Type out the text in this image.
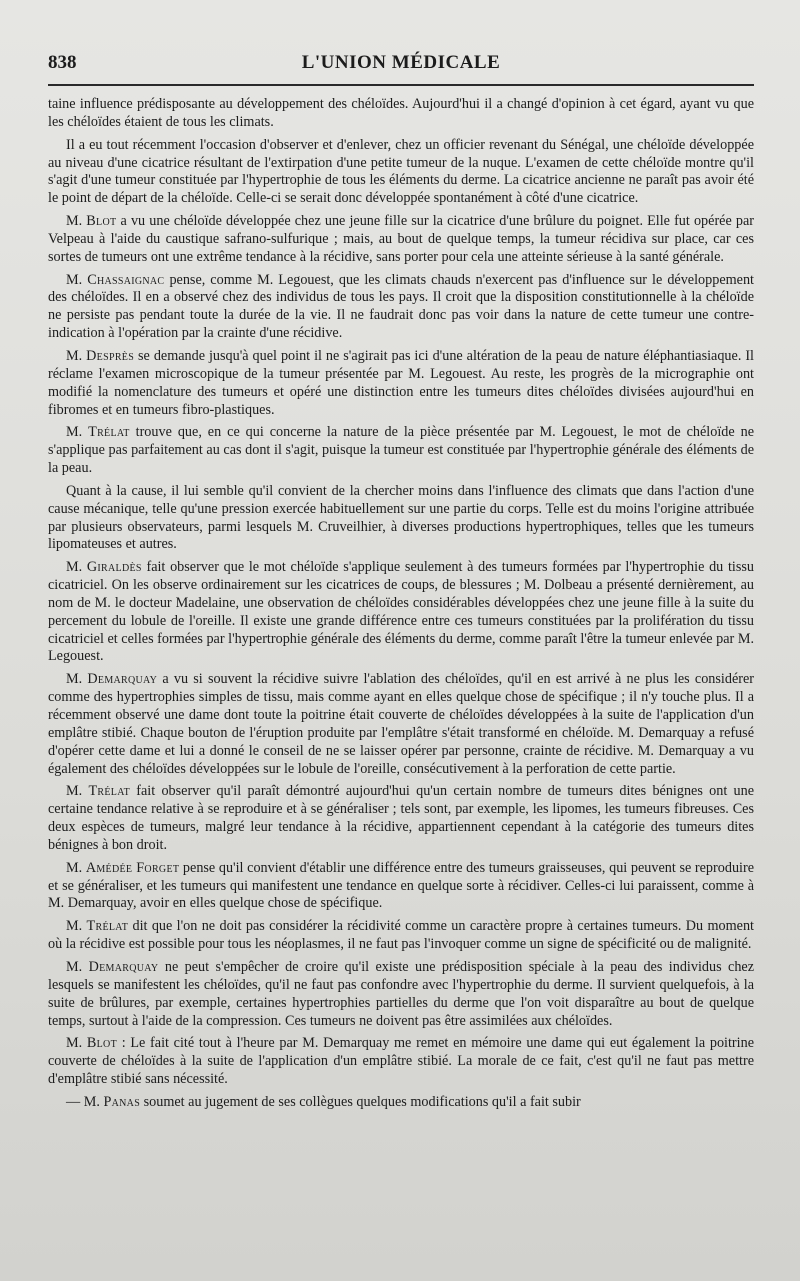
838	L'UNION MÉDICALE

taine influence prédisposante au développement des chéloïdes. Aujourd'hui il a changé d'opinion à cet égard, ayant vu que les chéloïdes étaient de tous les climats.

Il a eu tout récemment l'occasion d'observer et d'enlever, chez un officier revenant du Sénégal, une chéloïde développée au niveau d'une cicatrice résultant de l'extirpation d'une petite tumeur de la nuque. L'examen de cette chéloïde montre qu'il s'agit d'une tumeur constituée par l'hypertrophie de tous les éléments du derme. La cicatrice ancienne ne paraît pas avoir été le point de départ de la chéloïde. Celle-ci se serait donc développée spontanément à côté d'une cicatrice.

M. Blot a vu une chéloïde développée chez une jeune fille sur la cicatrice d'une brûlure du poignet. Elle fut opérée par Velpeau à l'aide du caustique safrano-sulfurique ; mais, au bout de quelque temps, la tumeur récidiva sur place, car ces sortes de tumeurs ont une extrême tendance à la récidive, sans porter pour cela une atteinte sérieuse à la santé générale.

M. Chassaignac pense, comme M. Legouest, que les climats chauds n'exercent pas d'influence sur le développement des chéloïdes. Il en a observé chez des individus de tous les pays. Il croit que la disposition constitutionnelle à la chéloïde ne persiste pas pendant toute la durée de la vie. Il ne faudrait donc pas voir dans la nature de cette tumeur une contre-indication à l'opération par la crainte d'une récidive.

M. Desprès se demande jusqu'à quel point il ne s'agirait pas ici d'une altération de la peau de nature éléphantiasiaque. Il réclame l'examen microscopique de la tumeur présentée par M. Legouest. Au reste, les progrès de la micrographie ont modifié la nomenclature des tumeurs et opéré une distinction entre les tumeurs dites chéloïdes divisées aujourd'hui en fibromes et en tumeurs fibro-plastiques.

M. Trélat trouve que, en ce qui concerne la nature de la pièce présentée par M. Legouest, le mot de chéloïde ne s'applique pas parfaitement au cas dont il s'agit, puisque la tumeur est constituée par l'hypertrophie générale des éléments de la peau.

Quant à la cause, il lui semble qu'il convient de la chercher moins dans l'influence des climats que dans l'action d'une cause mécanique, telle qu'une pression exercée habituellement sur une partie du corps. Telle est du moins l'origine attribuée par plusieurs observateurs, parmi lesquels M. Cruveilhier, à diverses productions hypertrophiques, telles que les tumeurs lipomateuses et autres.

M. Giraldès fait observer que le mot chéloïde s'applique seulement à des tumeurs formées par l'hypertrophie du tissu cicatriciel. On les observe ordinairement sur les cicatrices de coups, de blessures ; M. Dolbeau a présenté dernièrement, au nom de M. le docteur Madelaine, une observation de chéloïdes considérables développées chez une jeune fille à la suite du percement du lobule de l'oreille. Il existe une grande différence entre ces tumeurs constituées par la prolifération du tissu cicatriciel et celles formées par l'hypertrophie générale des éléments du derme, comme paraît l'être la tumeur enlevée par M. Legouest.

M. Demarquay a vu si souvent la récidive suivre l'ablation des chéloïdes, qu'il en est arrivé à ne plus les considérer comme des hypertrophies simples de tissu, mais comme ayant en elles quelque chose de spécifique ; il n'y touche plus. Il a récemment observé une dame dont toute la poitrine était couverte de chéloïdes développées à la suite de l'application d'un emplâtre stibié. Chaque bouton de l'éruption produite par l'emplâtre s'était transformé en chéloïde. M. Demarquay a refusé d'opérer cette dame et lui a donné le conseil de ne se laisser opérer par personne, crainte de récidive. M. Demarquay a vu également des chéloïdes développées sur le lobule de l'oreille, consécutivement à la perforation de cette partie.

M. Trélat fait observer qu'il paraît démontré aujourd'hui qu'un certain nombre de tumeurs dites bénignes ont une certaine tendance relative à se reproduire et à se généraliser ; tels sont, par exemple, les lipomes, les tumeurs fibreuses. Ces deux espèces de tumeurs, malgré leur tendance à la récidive, appartiennent cependant à la catégorie des tumeurs dites bénignes à bon droit.

M. Amédée Forget pense qu'il convient d'établir une différence entre des tumeurs graisseuses, qui peuvent se reproduire et se généraliser, et les tumeurs qui manifestent une tendance en quelque sorte à récidiver. Celles-ci lui paraissent, comme à M. Demarquay, avoir en elles quelque chose de spécifique.

M. Trélat dit que l'on ne doit pas considérer la récidivité comme un caractère propre à certaines tumeurs. Du moment où la récidive est possible pour tous les néoplasmes, il ne faut pas l'invoquer comme un signe de spécificité ou de malignité.

M. Demarquay ne peut s'empêcher de croire qu'il existe une prédisposition spéciale à la peau des individus chez lesquels se manifestent les chéloïdes, qu'il ne faut pas confondre avec l'hypertrophie du derme. Il survient quelquefois, à la suite de brûlures, par exemple, certaines hypertrophies partielles du derme que l'on voit disparaître au bout de quelque temps, surtout à l'aide de la compression. Ces tumeurs ne doivent pas être assimilées aux chéloïdes.

M. Blot : Le fait cité tout à l'heure par M. Demarquay me remet en mémoire une dame qui eut également la poitrine couverte de chéloïdes à la suite de l'application d'un emplâtre stibié. La morale de ce fait, c'est qu'il ne faut pas mettre d'emplâtre stibié sans nécessité.

— M. Panas soumet au jugement de ses collègues quelques modifications qu'il a fait subir
